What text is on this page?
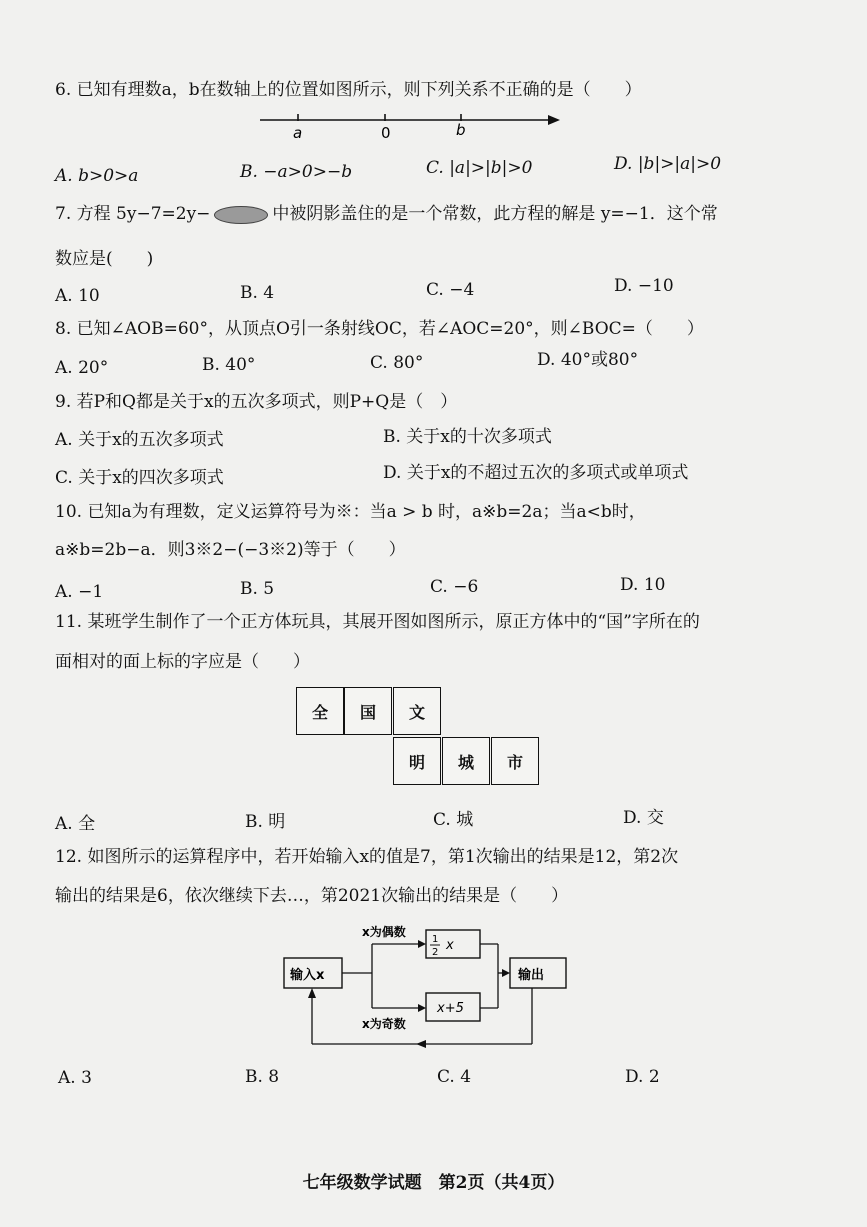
6. 已知有理数a，b在数轴上的位置如图所示，则下列关系不正确的是（　　）
a	0	b
A. b>0>a	B. −a>0>−b	C. |a|>|b|>0	D. |b|>|a|>0
7. 方程 5y−7=2y−	中被阴影盖住的是一个常数，此方程的解是 y=−1．这个常
数应是(　　)
A. 10	B. 4	C. −4	D. −10
8. 已知∠AOB=60°，从顶点O引一条射线OC，若∠AOC=20°，则∠BOC=（　　）
A. 20°	B. 40°	C. 80°	D. 40°或80°
9. 若P和Q都是关于x的五次多项式，则P+Q是（　）
A. 关于x的五次多项式	B. 关于x的十次多项式
C. 关于x的四次多项式	D. 关于x的不超过五次的多项式或单项式
10. 已知a为有理数，定义运算符号为※：当a > b 时，a※b=2a；当a<b时，
a※b=2b−a．则3※2−(−3※2)等于（　　）
A. −1	B. 5	C. −6	D. 10
11. 某班学生制作了一个正方体玩具，其展开图如图所示，原正方体中的“国”字所在的
面相对的面上标的字应是（　　）
全	国	文
明	城	市
A. 全	B. 明	C. 城	D. 交
12. 如图所示的运算程序中，若开始输入x的值是7，第1次输出的结果是12，第2次
输出的结果是6，依次继续下去…，第2021次输出的结果是（　　）
输入x
x为偶数
1
2 x
x为奇数
x+5
输出
A. 3	B. 8	C. 4	D. 2
七年级数学试题　第2页（共4页）
